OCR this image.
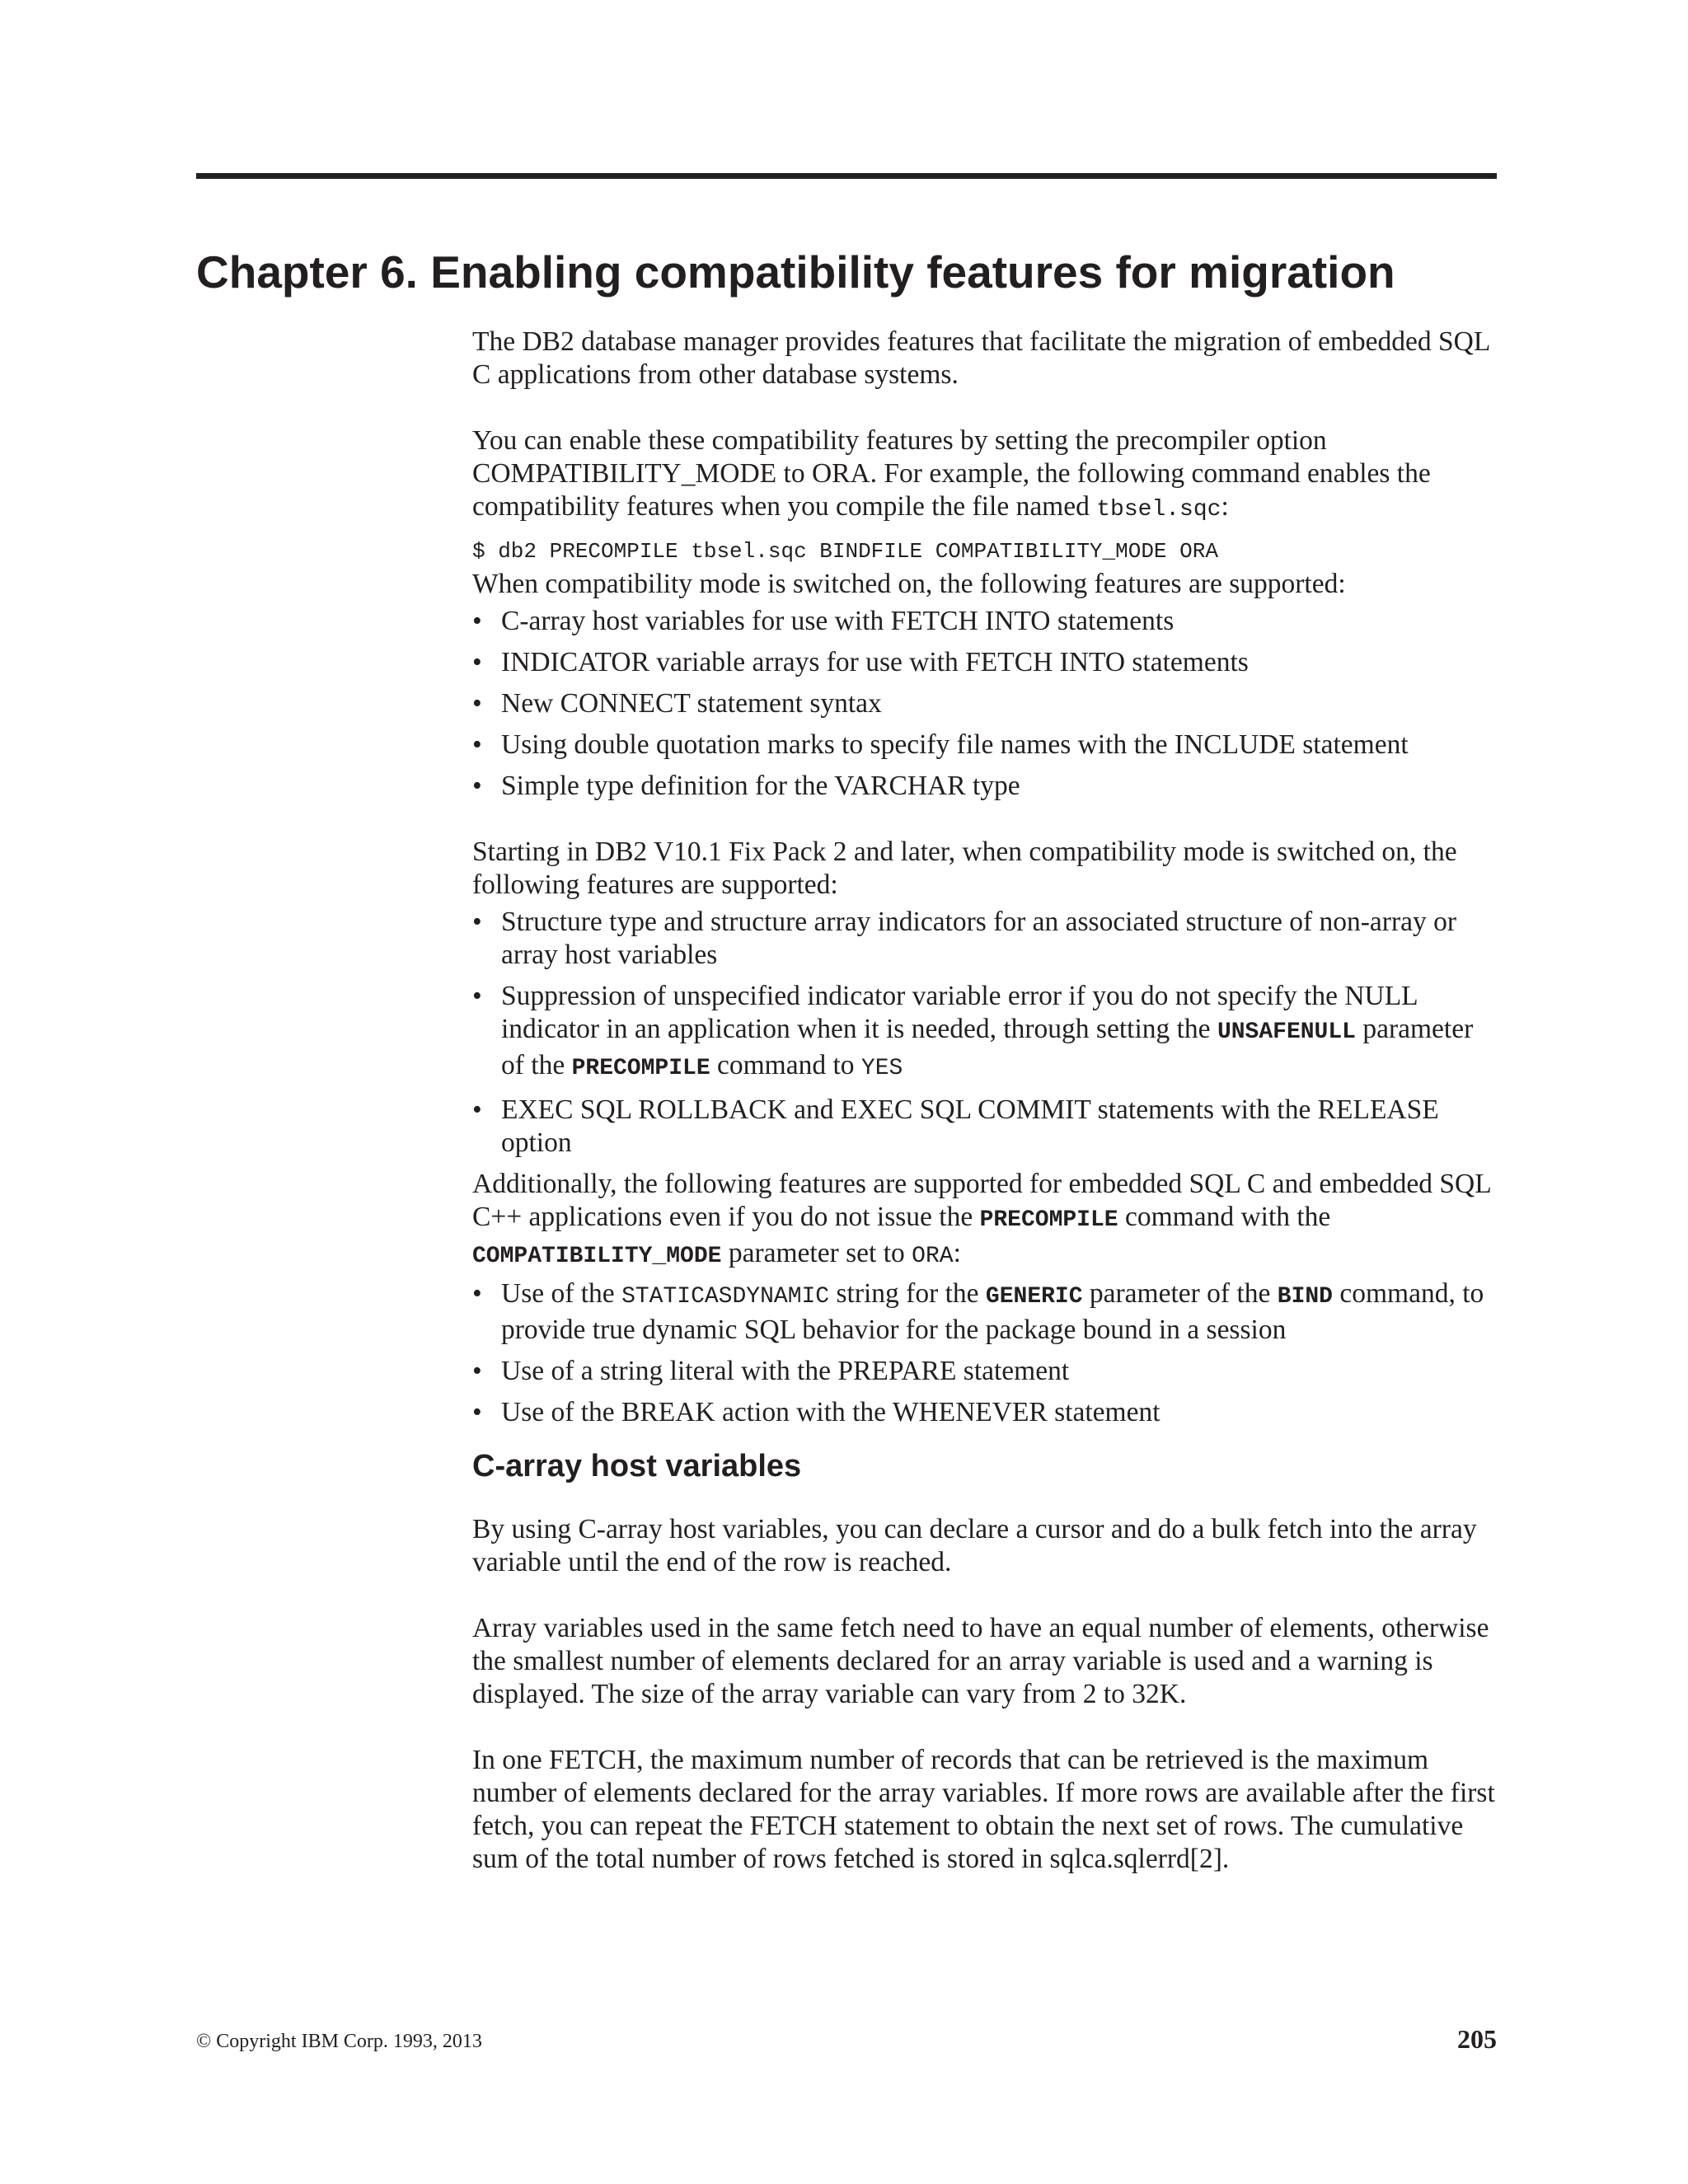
Chapter 6. Enabling compatibility features for migration

The DB2 database manager provides features that facilitate the migration of embedded SQL C applications from other database systems.

You can enable these compatibility features by setting the precompiler option COMPATIBILITY_MODE to ORA. For example, the following command enables the compatibility features when you compile the file named tbsel.sqc:

$ db2 PRECOMPILE tbsel.sqc BINDFILE COMPATIBILITY_MODE ORA

When compatibility mode is switched on, the following features are supported:

• C-array host variables for use with FETCH INTO statements
• INDICATOR variable arrays for use with FETCH INTO statements
• New CONNECT statement syntax
• Using double quotation marks to specify file names with the INCLUDE statement
• Simple type definition for the VARCHAR type

Starting in DB2 V10.1 Fix Pack 2 and later, when compatibility mode is switched on, the following features are supported:

• Structure type and structure array indicators for an associated structure of non-array or array host variables
• Suppression of unspecified indicator variable error if you do not specify the NULL indicator in an application when it is needed, through setting the UNSAFENULL parameter of the PRECOMPILE command to YES
• EXEC SQL ROLLBACK and EXEC SQL COMMIT statements with the RELEASE option

Additionally, the following features are supported for embedded SQL C and embedded SQL C++ applications even if you do not issue the PRECOMPILE command with the COMPATIBILITY_MODE parameter set to ORA:

• Use of the STATICASDYNAMIC string for the GENERIC parameter of the BIND command, to provide true dynamic SQL behavior for the package bound in a session
• Use of a string literal with the PREPARE statement
• Use of the BREAK action with the WHENEVER statement
C-array host variables

By using C-array host variables, you can declare a cursor and do a bulk fetch into the array variable until the end of the row is reached.

Array variables used in the same fetch need to have an equal number of elements, otherwise the smallest number of elements declared for an array variable is used and a warning is displayed. The size of the array variable can vary from 2 to 32K.

In one FETCH, the maximum number of records that can be retrieved is the maximum number of elements declared for the array variables. If more rows are available after the first fetch, you can repeat the FETCH statement to obtain the next set of rows. The cumulative sum of the total number of rows fetched is stored in sqlca.sqlerrd[2].

© Copyright IBM Corp. 1993, 2013	205
